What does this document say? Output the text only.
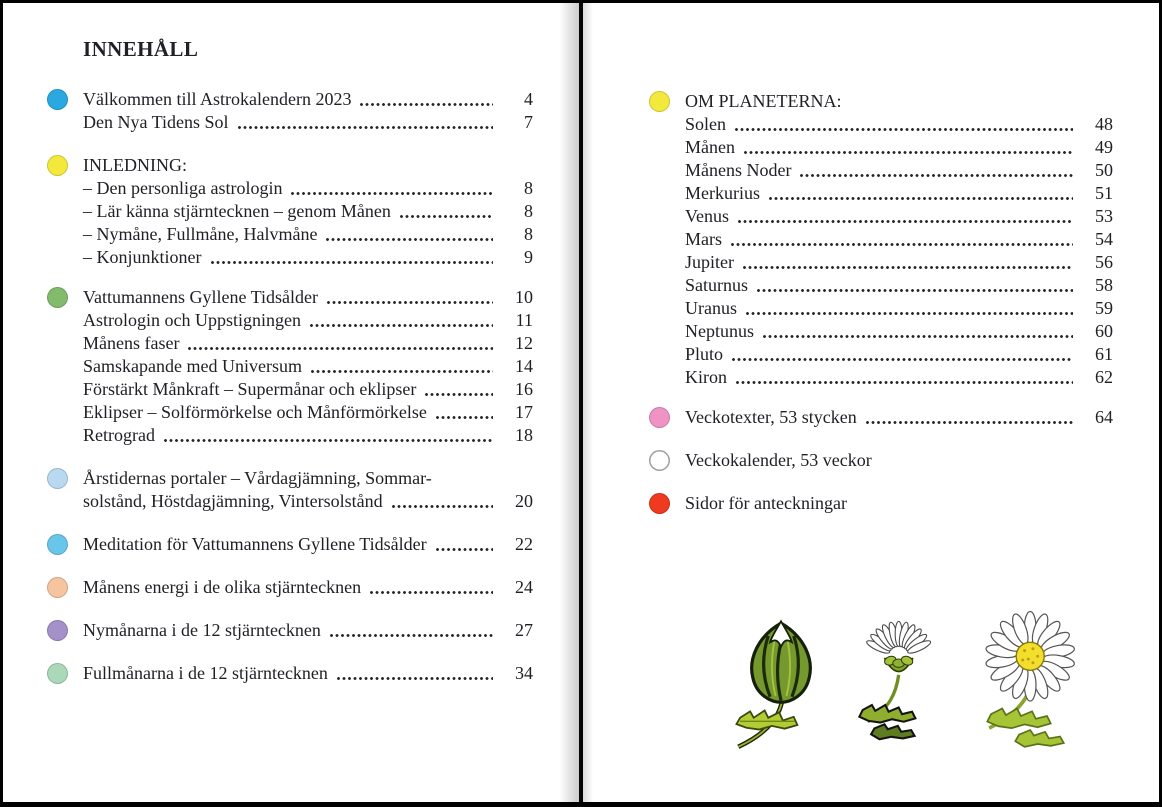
INNEHÅLL
Välkommen till Astrokalendern 2023	4
Den Nya Tidens Sol	7
INLEDNING:
– Den personliga astrologin	8
– Lär känna stjärntecknen – genom Månen	8
– Nymåne, Fullmåne, Halvmåne	8
– Konjunktioner	9
Vattumannens Gyllene Tidsålder	10
Astrologin och Uppstigningen	11
Månens faser	12
Samskapande med Universum	14
Förstärkt Månkraft – Supermånar och eklipser	16
Eklipser – Solförmörkelse och Månförmörkelse	17
Retrograd	18
Årstidernas portaler – Vårdagjämning, Sommar-
solstånd, Höstdagjämning, Vintersolstånd	20
Meditation för Vattumannens Gyllene Tidsålder	22
Månens energi i de olika stjärntecknen	24
Nymånarna i de 12 stjärntecknen	27
Fullmånarna i de 12 stjärntecknen	34
OM PLANETERNA:
Solen	48
Månen	49
Månens Noder	50
Merkurius	51
Venus	53
Mars	54
Jupiter	56
Saturnus	58
Uranus	59
Neptunus	60
Pluto	61
Kiron	62
Veckotexter, 53 stycken	64
Veckokalender, 53 veckor
Sidor för anteckningar
